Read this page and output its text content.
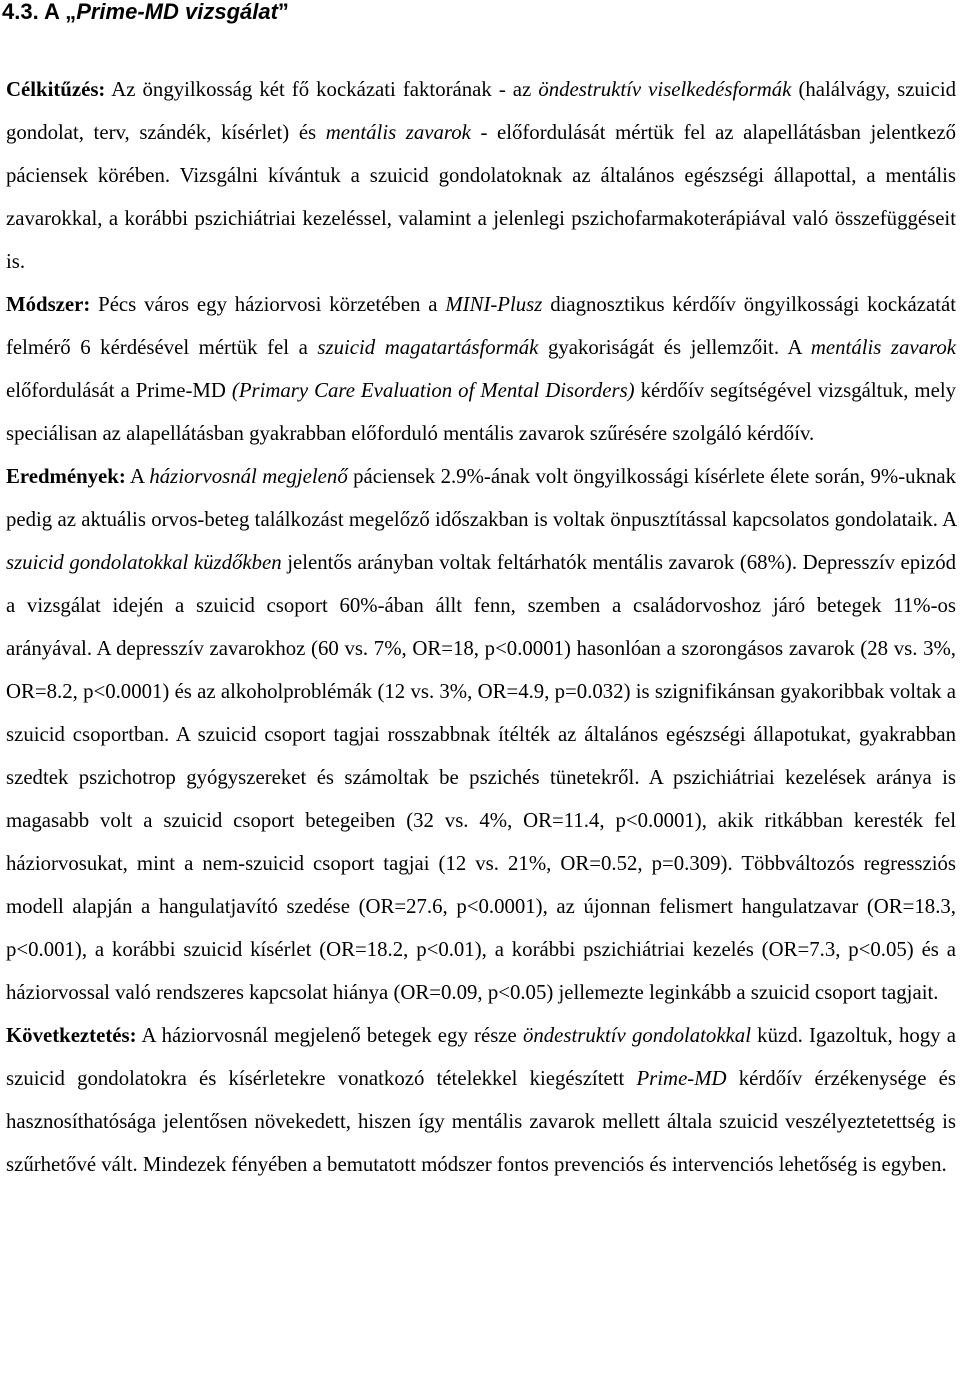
4.3. A „Prime-MD vizsgálat”

Célkitűzés: Az öngyilkosság két fő kockázati faktorának - az öndestruktív viselkedésformák (halálvágy, szuicid gondolat, terv, szándék, kísérlet) és mentális zavarok - előfordulását mértük fel az alapellátásban jelentkező páciensek körében. Vizsgálni kívántuk a szuicid gondolatoknak az általános egészségi állapottal, a mentális zavarokkal, a korábbi pszichiátriai kezeléssel, valamint a jelenlegi pszichofarmakoterápiával való összefüggéseit is.

Módszer: Pécs város egy háziorvosi körzetében a MINI-Plusz diagnosztikus kérdőív öngyilkossági kockázatát felmérő 6 kérdésével mértük fel a szuicid magatartásformák gyakoriságát és jellemzőit. A mentális zavarok előfordulását a Prime-MD (Primary Care Evaluation of Mental Disorders) kérdőív segítségével vizsgáltuk, mely speciálisan az alapellátásban gyakrabban előforduló mentális zavarok szűrésére szolgáló kérdőív.

Eredmények: A háziorvosnál megjelenő páciensek 2.9%-ának volt öngyilkossági kísérlete élete során, 9%-uknak pedig az aktuális orvos-beteg találkozást megelőző időszakban is voltak önpusztítással kapcsolatos gondolataik. A szuicid gondolatokkal küzdőkben jelentős arányban voltak feltárhatók mentális zavarok (68%). Depresszív epizód a vizsgálat idején a szuicid csoport 60%-ában állt fenn, szemben a családorvoshoz járó betegek 11%-os arányával. A depresszív zavarokhoz (60 vs. 7%, OR=18, p<0.0001) hasonlóan a szorongásos zavarok (28 vs. 3%, OR=8.2, p<0.0001) és az alkoholproblémák (12 vs. 3%, OR=4.9, p=0.032) is szignifikánsan gyakoribbak voltak a szuicid csoportban. A szuicid csoport tagjai rosszabbnak ítélték az általános egészségi állapotukat, gyakrabban szedtek pszichotrop gyógyszereket és számoltak be pszichés tünetekről. A pszichiátriai kezelések aránya is magasabb volt a szuicid csoport betegeiben (32 vs. 4%, OR=11.4, p<0.0001), akik ritkábban keresték fel háziorvosukat, mint a nem-szuicid csoport tagjai (12 vs. 21%, OR=0.52, p=0.309). Többváltozós regressziós modell alapján a hangulatjavító szedése (OR=27.6, p<0.0001), az újonnan felismert hangulatzavar (OR=18.3, p<0.001), a korábbi szuicid kísérlet (OR=18.2, p<0.01), a korábbi pszichiátriai kezelés (OR=7.3, p<0.05) és a háziorvossal való rendszeres kapcsolat hiánya (OR=0.09, p<0.05) jellemezte leginkább a szuicid csoport tagjait.

Következtetés: A háziorvosnál megjelenő betegek egy része öndestruktív gondolatokkal küzd. Igazoltuk, hogy a szuicid gondolatokra és kísérletekre vonatkozó tételekkel kiegészített Prime-MD kérdőív érzékenysége és hasznosíthatósága jelentősen növekedett, hiszen így mentális zavarok mellett általa szuicid veszélyeztetettség is szűrhetővé vált. Mindezek fényében a bemutatott módszer fontos prevenciós és intervenciós lehetőség is egyben.
